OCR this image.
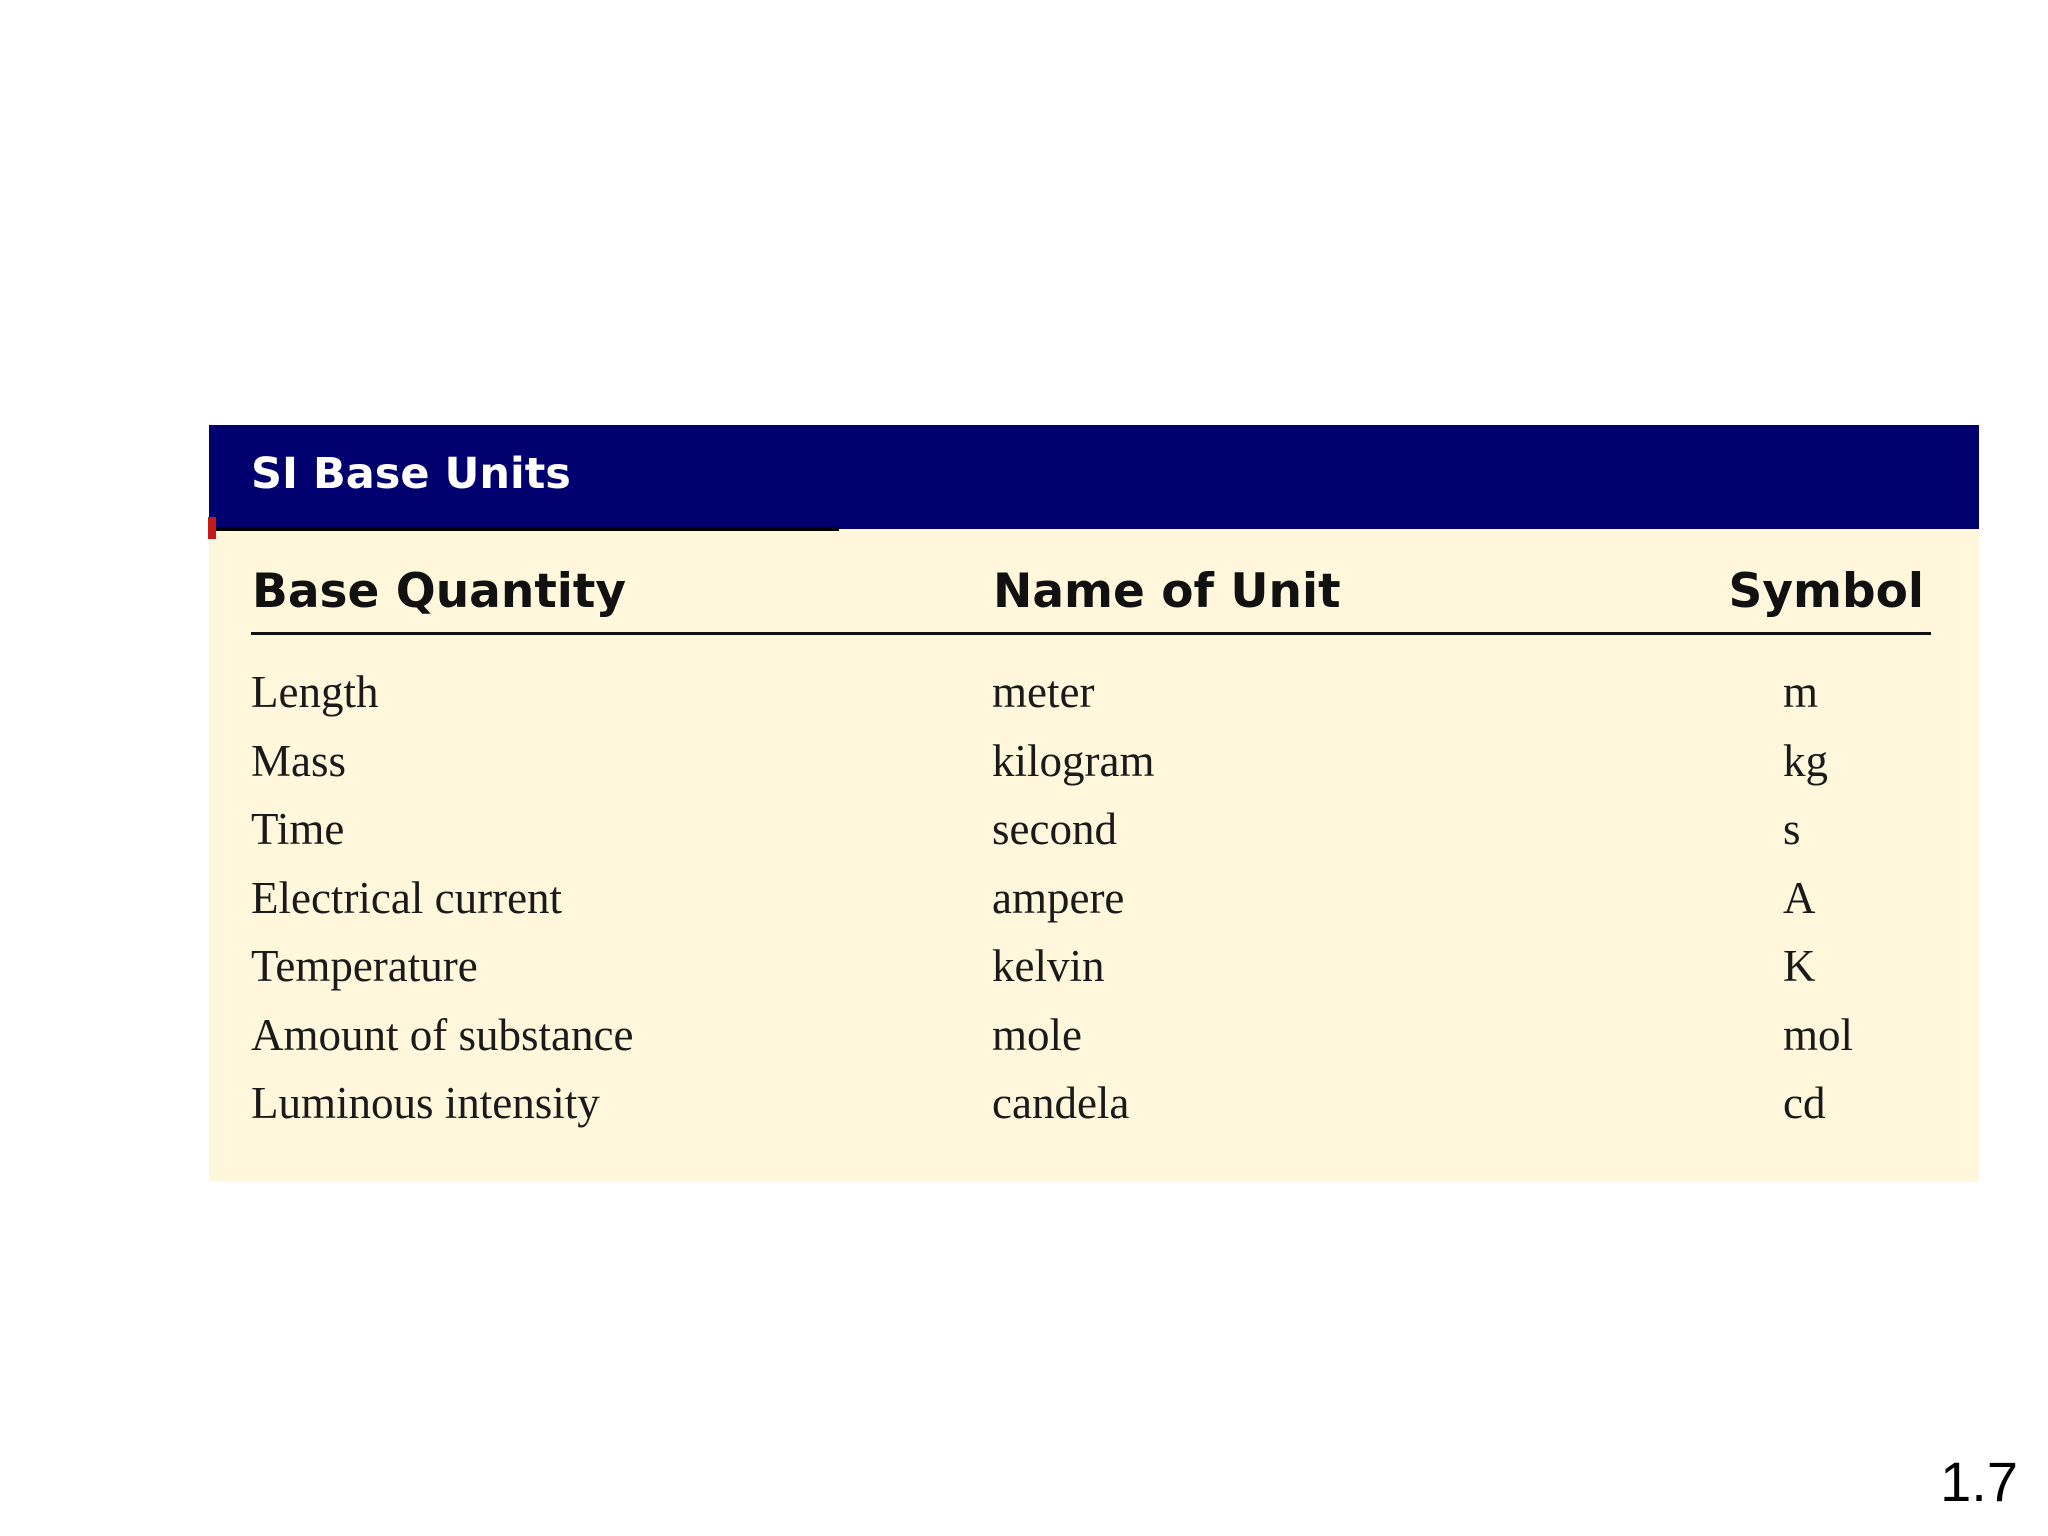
SI Base Units
Base Quantity	Name of Unit	Symbol
Length	meter	m
Mass	kilogram	kg
Time	second	s
Electrical current	ampere	A
Temperature	kelvin	K
Amount of substance	mole	mol
Luminous intensity	candela	cd
1.7
